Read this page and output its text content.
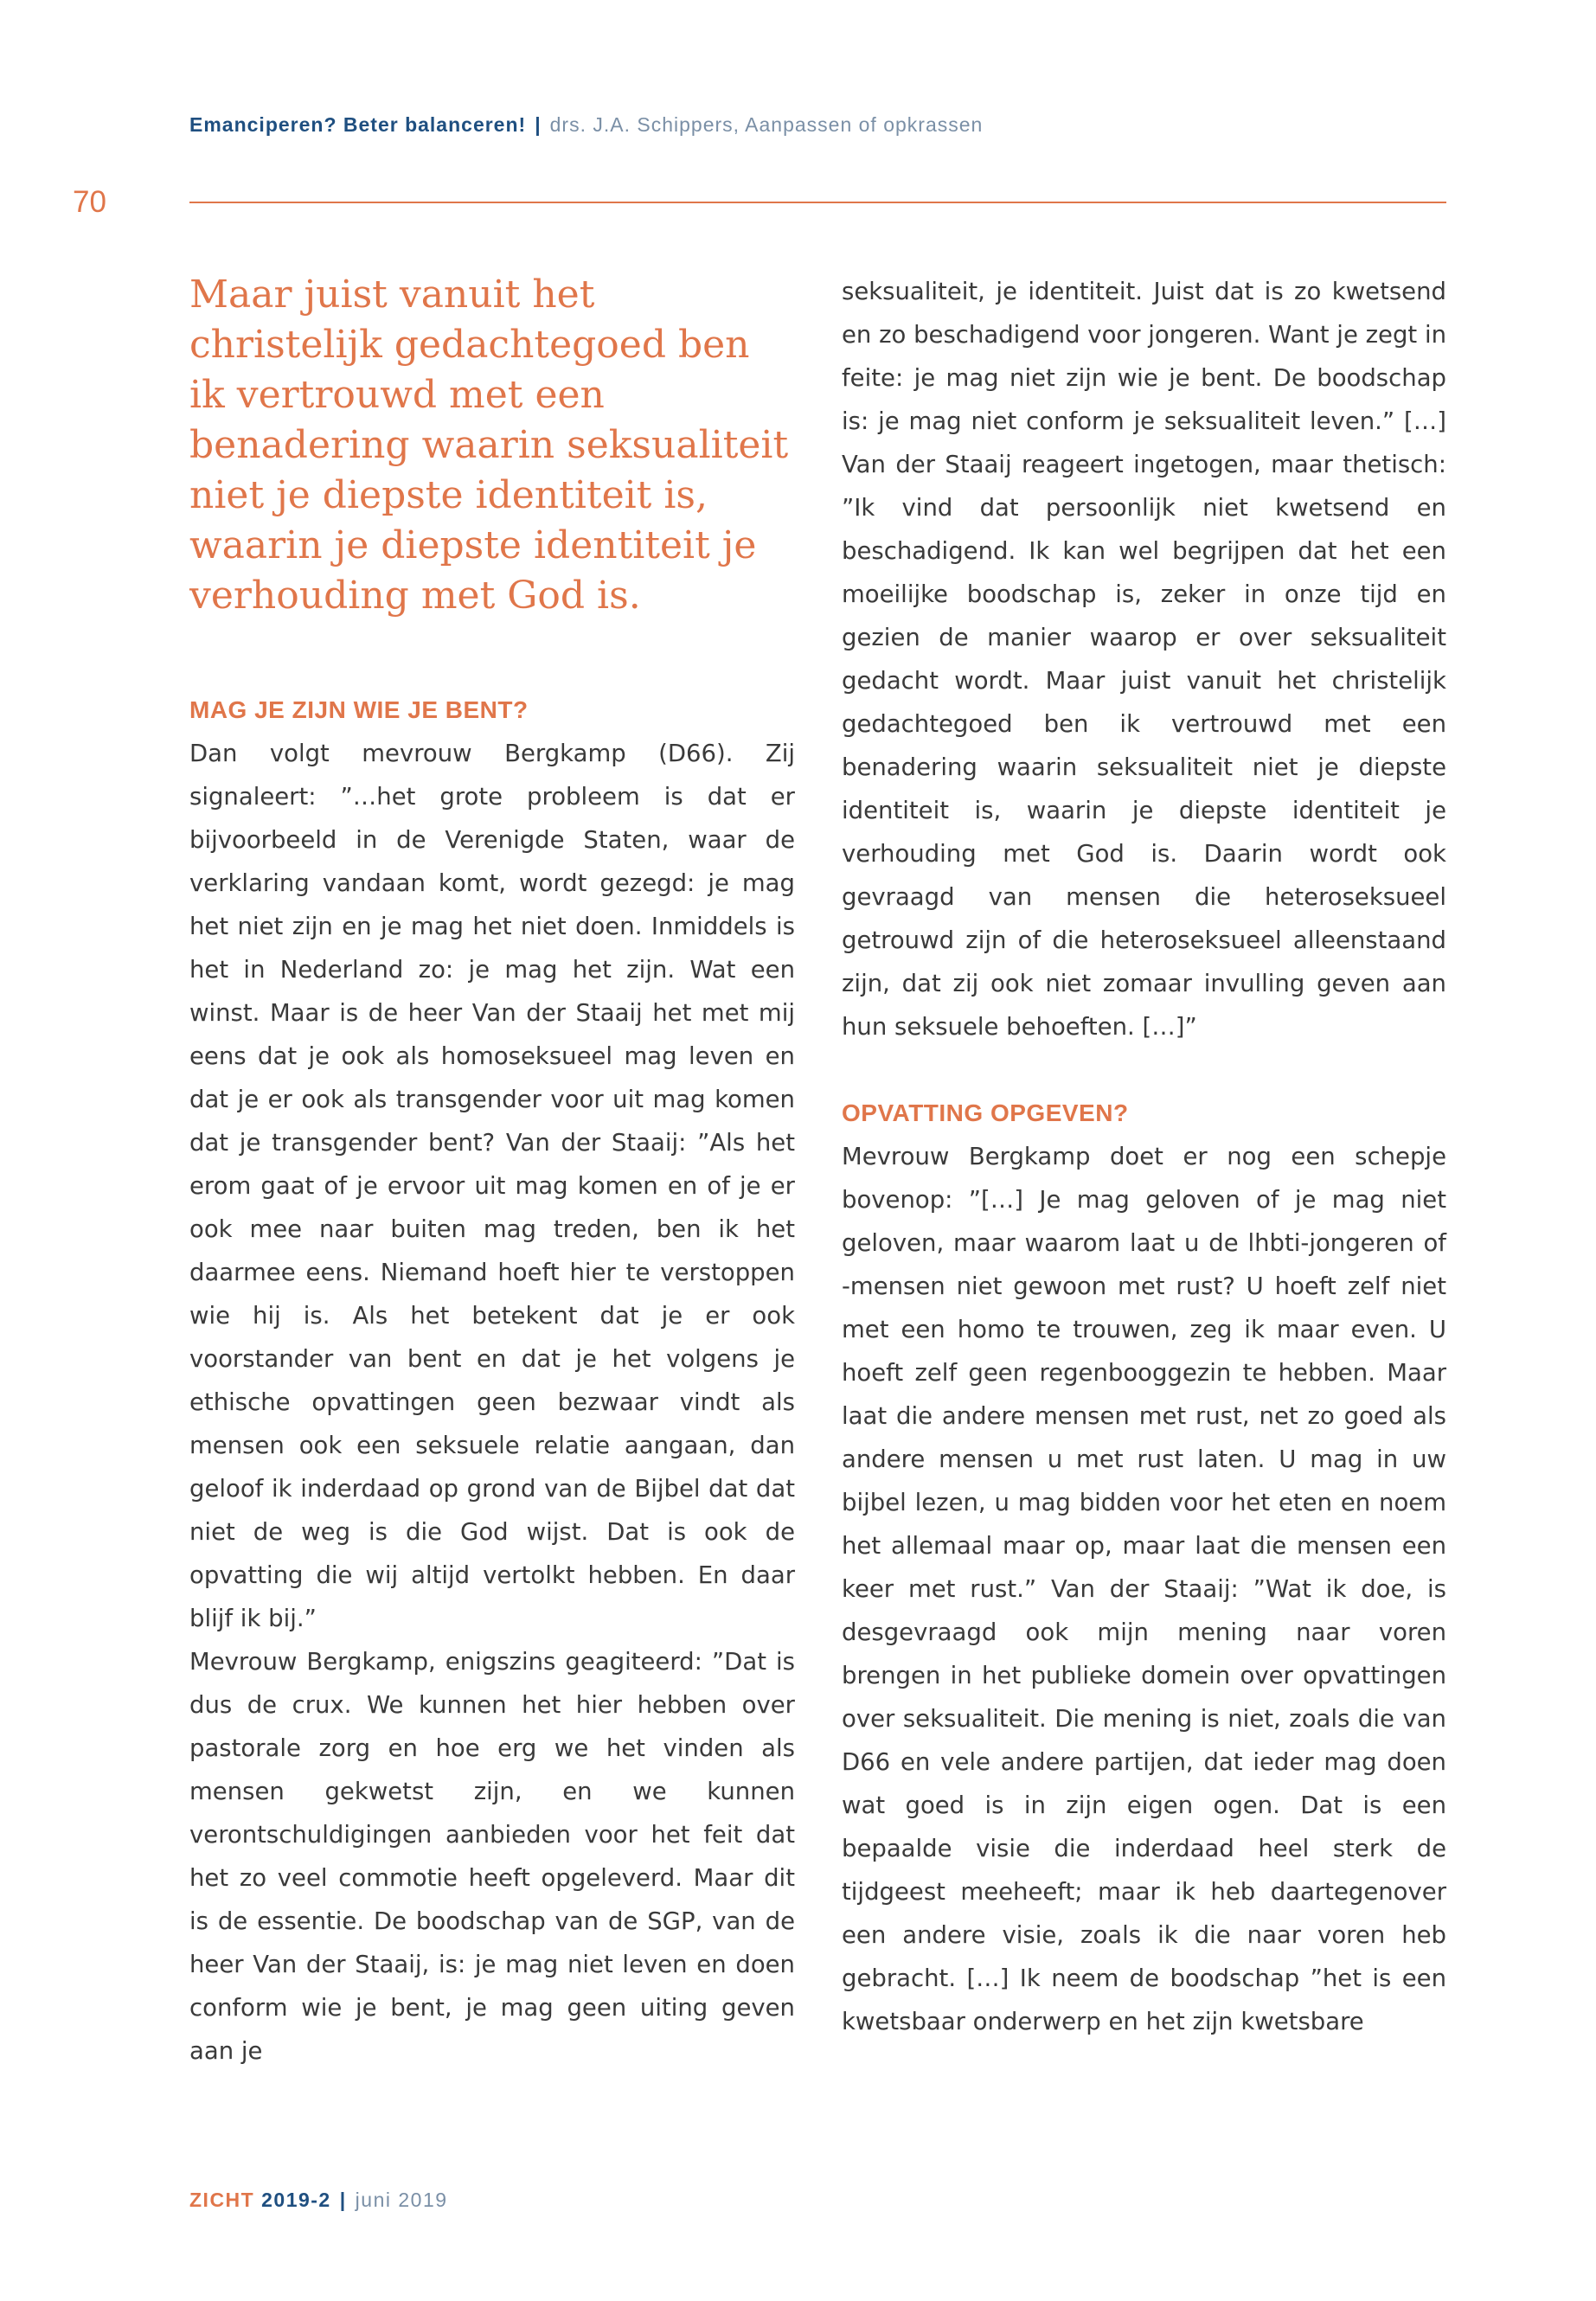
Emanciperen? Beter balanceren! | drs. J.A. Schippers, Aanpassen of opkrassen
70

Maar juist vanuit het christelijk gedachtegoed ben ik vertrouwd met een benadering waarin seksualiteit niet je diepste identiteit is, waarin je diepste identiteit je verhouding met God is.

MAG JE ZIJN WIE JE BENT?

Dan volgt mevrouw Bergkamp (D66). Zij signaleert: ”…het grote probleem is dat er bijvoorbeeld in de Verenigde Staten, waar de verklaring vandaan komt, wordt gezegd: je mag het niet zijn en je mag het niet doen. Inmiddels is het in Nederland zo: je mag het zijn. Wat een winst. Maar is de heer Van der Staaij het met mij eens dat je ook als homoseksueel mag leven en dat je er ook als transgender voor uit mag komen dat je transgender bent? Van der Staaij: ”Als het erom gaat of je ervoor uit mag komen en of je er ook mee naar buiten mag treden, ben ik het daarmee eens. Niemand hoeft hier te verstoppen wie hij is. Als het betekent dat je er ook voorstander van bent en dat je het volgens je ethische opvattingen geen bezwaar vindt als mensen ook een seksuele relatie aangaan, dan geloof ik inderdaad op grond van de Bijbel dat dat niet de weg is die God wijst. Dat is ook de opvatting die wij altijd vertolkt hebben. En daar blijf ik bij.”

Mevrouw Bergkamp, enigszins geagiteerd: ”Dat is dus de crux. We kunnen het hier hebben over pastorale zorg en hoe erg we het vinden als mensen gekwetst zijn, en we kunnen verontschuldigingen aanbieden voor het feit dat het zo veel commotie heeft opgeleverd. Maar dit is de essentie. De boodschap van de SGP, van de heer Van der Staaij, is: je mag niet leven en doen conform wie je bent, je mag geen uiting geven aan je

seksualiteit, je identiteit. Juist dat is zo kwetsend en zo beschadigend voor jongeren. Want je zegt in feite: je mag niet zijn wie je bent. De boodschap is: je mag niet conform je seksualiteit leven.” […] Van der Staaij reageert ingetogen, maar thetisch: ”Ik vind dat persoonlijk niet kwetsend en beschadigend. Ik kan wel begrijpen dat het een moeilijke boodschap is, zeker in onze tijd en gezien de manier waarop er over seksualiteit gedacht wordt. Maar juist vanuit het christelijk gedachtegoed ben ik vertrouwd met een benadering waarin seksualiteit niet je diepste identiteit is, waarin je diepste identiteit je verhouding met God is. Daarin wordt ook gevraagd van mensen die heteroseksueel getrouwd zijn of die heteroseksueel alleenstaand zijn, dat zij ook niet zomaar invulling geven aan hun seksuele behoeften. […]”

OPVATTING OPGEVEN?

Mevrouw Bergkamp doet er nog een schepje bovenop: ”[…] Je mag geloven of je mag niet geloven, maar waarom laat u de lhbti-jongeren of -mensen niet gewoon met rust? U hoeft zelf niet met een homo te trouwen, zeg ik maar even. U hoeft zelf geen regenbooggezin te hebben. Maar laat die andere mensen met rust, net zo goed als andere mensen u met rust laten. U mag in uw bijbel lezen, u mag bidden voor het eten en noem het allemaal maar op, maar laat die mensen een keer met rust.” Van der Staaij: ”Wat ik doe, is desgevraagd ook mijn mening naar voren brengen in het publieke domein over opvattingen over seksualiteit. Die mening is niet, zoals die van D66 en vele andere partijen, dat ieder mag doen wat goed is in zijn eigen ogen. Dat is een bepaalde visie die inderdaad heel sterk de tijdgeest meeheeft; maar ik heb daartegenover een andere visie, zoals ik die naar voren heb gebracht. […] Ik neem de boodschap ”het is een kwetsbaar onderwerp en het zijn kwetsbare

ZICHT 2019-2 | juni 2019
